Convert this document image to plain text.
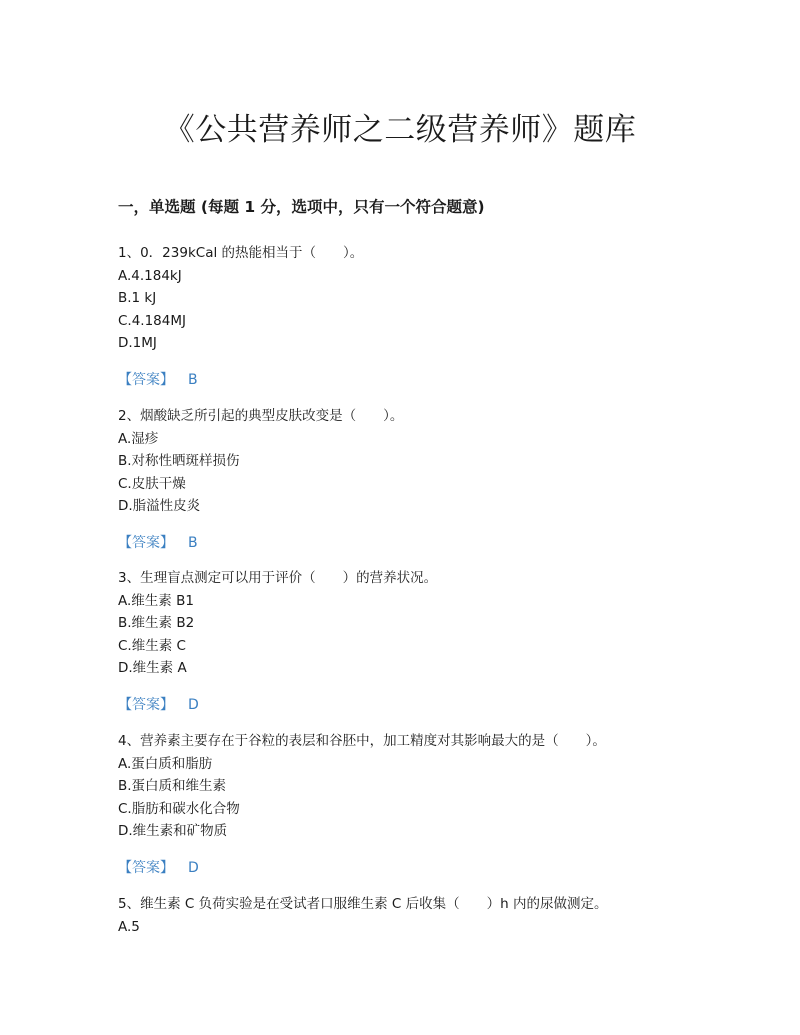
《公共营养师之二级营养师》题库
一，单选题 (每题 1 分，选项中，只有一个符合题意)

1、0．239kCal 的热能相当于（　　）。

A.4.184kJ
B.1 kJ
C.4.184MJ
D.1MJ
【答案】 B

2、烟酸缺乏所引起的典型皮肤改变是（　　）。

A.湿疹
B.对称性晒斑样损伤
C.皮肤干燥
D.脂溢性皮炎
【答案】 B

3、生理盲点测定可以用于评价（　　）的营养状况。

A.维生素 B1
B.维生素 B2
C.维生素 C
D.维生素 A
【答案】 D

4、营养素主要存在于谷粒的表层和谷胚中，加工精度对其影响最大的是（　　）。

A.蛋白质和脂肪
B.蛋白质和维生素
C.脂肪和碳水化合物
D.维生素和矿物质
【答案】 D

5、维生素 C 负荷实验是在受试者口服维生素 C 后收集（　　）h 内的尿做测定。

A.5
